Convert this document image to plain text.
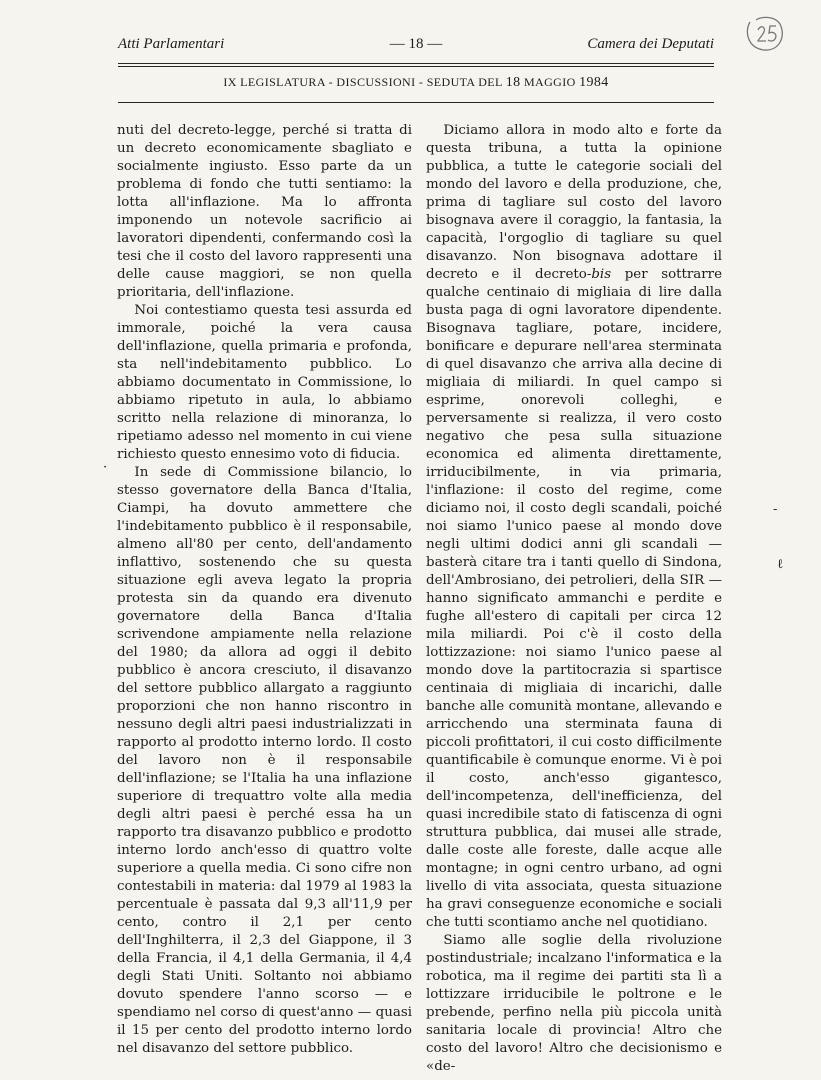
Atti Parlamentari	— 18 —	Camera dei Deputati
IX LEGISLATURA - DISCUSSIONI - SEDUTA DEL 18 MAGGIO 1984

nuti del decreto-legge, perché si tratta di un decreto economicamente sbagliato e socialmente ingiusto. Esso parte da un problema di fondo che tutti sentiamo: la lotta all'inflazione. Ma lo affronta imponendo un notevole sacrificio ai lavoratori dipendenti, confermando così la tesi che il costo del lavoro rappresenti una delle cause maggiori, se non quella prioritaria, dell'inflazione.

Noi contestiamo questa tesi assurda ed immorale, poiché la vera causa dell'inflazione, quella primaria e profonda, sta nell'indebitamento pubblico. Lo abbiamo documentato in Commissione, lo abbiamo ripetuto in aula, lo abbiamo scritto nella relazione di minoranza, lo ripetiamo adesso nel momento in cui viene richiesto questo ennesimo voto di fiducia.

In sede di Commissione bilancio, lo stesso governatore della Banca d'Italia, Ciampi, ha dovuto ammettere che l'indebitamento pubblico è il responsabile, almeno all'80 per cento, dell'andamento inflattivo, sostenendo che su questa situazione egli aveva legato la propria protesta sin da quando era divenuto governatore della Banca d'Italia scrivendone ampiamente nella relazione del 1980; da allora ad oggi il debito pubblico è ancora cresciuto, il disavanzo del settore pubblico allargato a raggiunto proporzioni che non hanno riscontro in nessuno degli altri paesi industrializzati in rapporto al prodotto interno lordo. Il costo del lavoro non è il responsabile dell'inflazione; se l'Italia ha una inflazione superiore di trequattro volte alla media degli altri paesi è perché essa ha un rapporto tra disavanzo pubblico e prodotto interno lordo anch'esso di quattro volte superiore a quella media. Ci sono cifre non contestabili in materia: dal 1979 al 1983 la percentuale è passata dal 9,3 all'11,9 per cento, contro il 2,1 per cento dell'Inghilterra, il 2,3 del Giappone, il 3 della Francia, il 4,1 della Germania, il 4,4 degli Stati Uniti. Soltanto noi abbiamo dovuto spendere l'anno scorso — e spendiamo nel corso di quest'anno — quasi il 15 per cento del prodotto interno lordo nel disavanzo del settore pubblico.

Diciamo allora in modo alto e forte da questa tribuna, a tutta la opinione pubblica, a tutte le categorie sociali del mondo del lavoro e della produzione, che, prima di tagliare sul costo del lavoro bisognava avere il coraggio, la fantasia, la capacità, l'orgoglio di tagliare su quel disavanzo. Non bisognava adottare il decreto e il decreto-bis per sottrarre qualche centinaio di migliaia di lire dalla busta paga di ogni lavoratore dipendente. Bisognava tagliare, potare, incidere, bonificare e depurare nell'area sterminata di quel disavanzo che arriva alla decine di migliaia di miliardi. In quel campo si esprime, onorevoli colleghi, e perversamente si realizza, il vero costo negativo che pesa sulla situazione economica ed alimenta direttamente, irriducibilmente, in via primaria, l'inflazione: il costo del regime, come diciamo noi, il costo degli scandali, poiché noi siamo l'unico paese al mondo dove negli ultimi dodici anni gli scandali — basterà citare tra i tanti quello di Sindona, dell'Ambrosiano, dei petrolieri, della SIR — hanno significato ammanchi e perdite e fughe all'estero di capitali per circa 12 mila miliardi. Poi c'è il costo della lottizzazione: noi siamo l'unico paese al mondo dove la partitocrazia si spartisce centinaia di migliaia di incarichi, dalle banche alle comunità montane, allevando e arricchendo una sterminata fauna di piccoli profittatori, il cui costo difficilmente quantificabile è comunque enorme. Vi è poi il costo, anch'esso gigantesco, dell'incompetenza, dell'inefficienza, del quasi incredibile stato di fatiscenza di ogni struttura pubblica, dai musei alle strade, dalle coste alle foreste, dalle acque alle montagne; in ogni centro urbano, ad ogni livello di vita associata, questa situazione ha gravi conseguenze economiche e sociali che tutti scontiamo anche nel quotidiano.

Siamo alle soglie della rivoluzione postindustriale; incalzano l'informatica e la robotica, ma il regime dei partiti sta lì a lottizzare irriducibile le poltrone e le prebende, perfino nella più piccola unità sanitaria locale di provincia! Altro che costo del lavoro! Altro che decisionismo e «de-

·
-
ℓ
